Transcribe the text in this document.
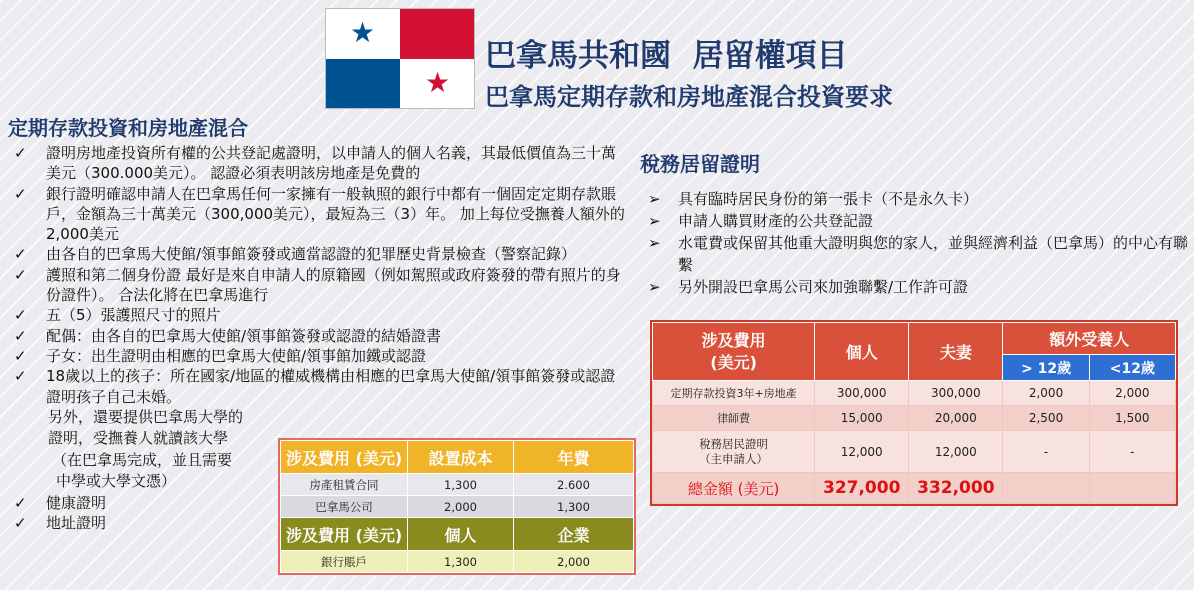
★
★
巴拿馬共和國  居留權項目
巴拿馬定期存款和房地產混合投資要求
定期存款投資和房地產混合
✓	證明房地產投資所有權的公共登記處證明，以申請人的個人名義，其最低價值為三十萬美元（300.000美元）。 認證必須表明該房地產是免費的
✓	銀行證明確認申請人在巴拿馬任何一家擁有一般執照的銀行中都有一個固定定期存款賬戶，金額為三十萬美元（300,000美元），最短為三（3）年。 加上每位受撫養人額外的2,000美元
✓	由各自的巴拿馬大使館/領事館簽發或適當認證的犯罪歷史背景檢查（警察記錄）
✓	護照和第二個身份證 最好是來自申請人的原籍國（例如駕照或政府簽發的帶有照片的身份證件）。 合法化將在巴拿馬進行
✓	五（5）張護照尺寸的照片
✓	配偶：由各自的巴拿馬大使館/領事館簽發或認證的結婚證書
✓	子女：出生證明由相應的巴拿馬大使館/領事館加鐵或認證
✓	18歲以上的孩子：所在國家/地區的權威機構由相應的巴拿馬大使館/領事館簽發或認證證明孩子自己未婚。
另外，還要提供巴拿馬大學的
證明，受撫養人就讀該大學
（在巴拿馬完成，並且需要
中學或大學文憑）
✓	健康證明
✓	地址證明
涉及費用 (美元)	設置成本	年費
房產租賃合同	1,300	2.600
巴拿馬公司	2,000	1,300
涉及費用 (美元)	個人	企業
銀行賬戶	1,300	2,000
稅務居留證明
➢ 具有臨時居民身份的第一張卡（不是永久卡）
➢ 申請人購買財產的公共登記證
➢ 水電費或保留其他重大證明與您的家人，並與經濟利益（巴拿馬）的中心有聯繫
➢ 另外開設巴拿馬公司來加強聯繫/工作許可證
涉及費用
(美元)	個人	夫妻	額外受養人	
			> 12歲	<12歲
定期存款投資3年+房地產	300,000	300,000	2,000	2,000
律師費	15,000	20,000	2,500	1,500
稅務居民證明
（主申請人）	12,000	12,000	-	-
總金額 (美元)	327,000	332,000		
